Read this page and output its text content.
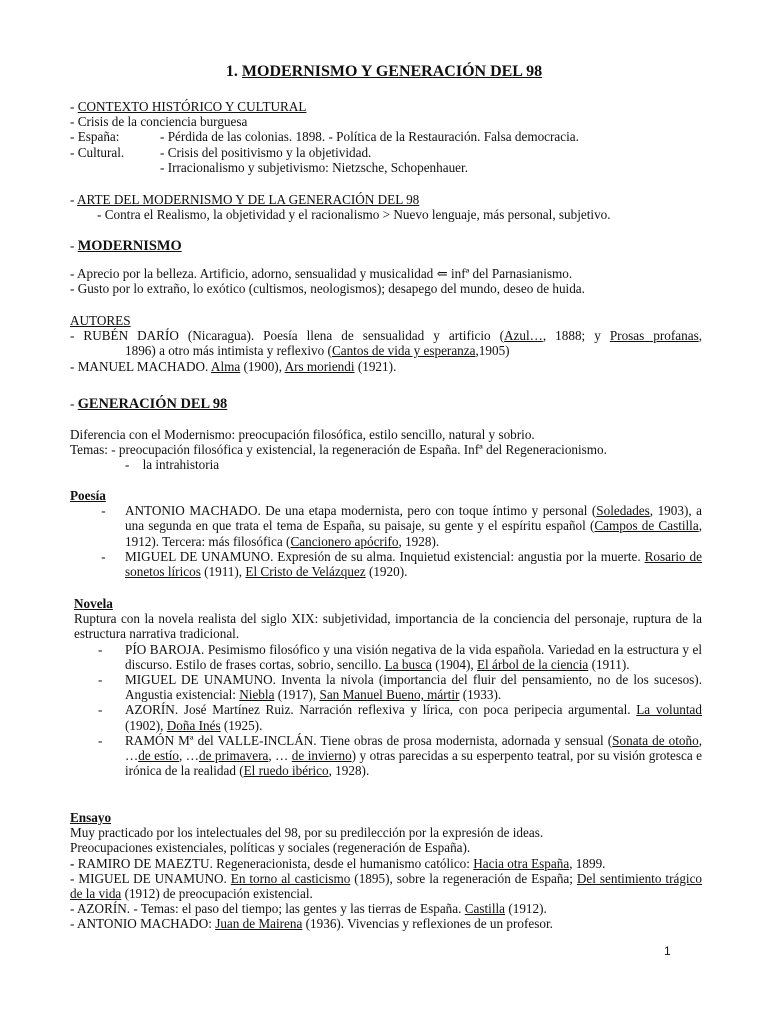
1. MODERNISMO Y GENERACIÓN DEL 98
- CONTEXTO HISTÓRICO Y CULTURAL
- Crisis de la conciencia burguesa
- España:	- Pérdida de las colonias. 1898. - Política de la Restauración. Falsa democracia.
- Cultural.	- Crisis del positivismo y la objetividad.
- Irracionalismo y subjetivismo: Nietzsche, Schopenhauer.
- ARTE DEL MODERNISMO Y DE LA GENERACIÓN DEL 98
- Contra el Realismo, la objetividad y el racionalismo > Nuevo lenguaje, más personal, subjetivo.
- MODERNISMO
- Aprecio por la belleza. Artificio, adorno, sensualidad y musicalidad ⇐ infª del Parnasianismo.
- Gusto por lo extraño, lo exótico (cultismos, neologismos); desapego del mundo, deseo de huida.
AUTORES
- RUBÉN DARÍO (Nicaragua). Poesía llena de sensualidad y artificio (Azul…, 1888; y Prosas profanas,
1896) a otro más intimista y reflexivo (Cantos de vida y esperanza,1905)
- MANUEL MACHADO. Alma (1900), Ars moriendi (1921).
- GENERACIÓN DEL 98
Diferencia con el Modernismo: preocupación filosófica, estilo sencillo, natural y sobrio.
Temas: - preocupación filosófica y existencial, la regeneración de España. Infª del Regeneracionismo.
-    la intrahistoria
Poesía
- ANTONIO MACHADO. De una etapa modernista, pero con toque íntimo y personal (Soledades, 1903), a una segunda en que trata el tema de España, su paisaje, su gente y el espíritu español (Campos de Castilla, 1912). Tercera: más filosófica (Cancionero apócrifo, 1928).
- MIGUEL DE UNAMUNO. Expresión de su alma. Inquietud existencial: angustia por la muerte. Rosario de sonetos líricos (1911), El Cristo de Velázquez (1920).
Novela
Ruptura con la novela realista del siglo XIX: subjetividad, importancia de la conciencia del personaje, ruptura de la estructura narrativa tradicional.
- PÍO BAROJA. Pesimismo filosófico y una visión negativa de la vida española. Variedad en la estructura y el discurso. Estilo de frases cortas, sobrio, sencillo. La busca (1904), El árbol de la ciencia (1911).
- MIGUEL DE UNAMUNO. Inventa la nivola (importancia del fluir del pensamiento, no de los sucesos). Angustia existencial: Niebla (1917), San Manuel Bueno, mártir (1933).
- AZORÍN. José Martínez Ruiz. Narración reflexiva y lírica, con poca peripecia argumental. La voluntad (1902), Doña Inés (1925).
- RAMÓN Mª del VALLE-INCLÁN. Tiene obras de prosa modernista, adornada y sensual (Sonata de otoño, …de estío, …de primavera, … de invierno) y otras parecidas a su esperpento teatral, por su visión grotesca e irónica de la realidad (El ruedo ibérico, 1928).
Ensayo
Muy practicado por los intelectuales del 98, por su predilección por la expresión de ideas.
Preocupaciones existenciales, políticas y sociales (regeneración de España).
- RAMIRO DE MAEZTU. Regeneracionista, desde el humanismo católico: Hacia otra España, 1899.
- MIGUEL DE UNAMUNO. En torno al casticismo (1895), sobre la regeneración de España; Del sentimiento trágico de la vida (1912) de preocupación existencial.
- AZORÍN. - Temas: el paso del tiempo; las gentes y las tierras de España. Castilla (1912).
- ANTONIO MACHADO: Juan de Mairena (1936). Vivencias y reflexiones de un profesor.
1
